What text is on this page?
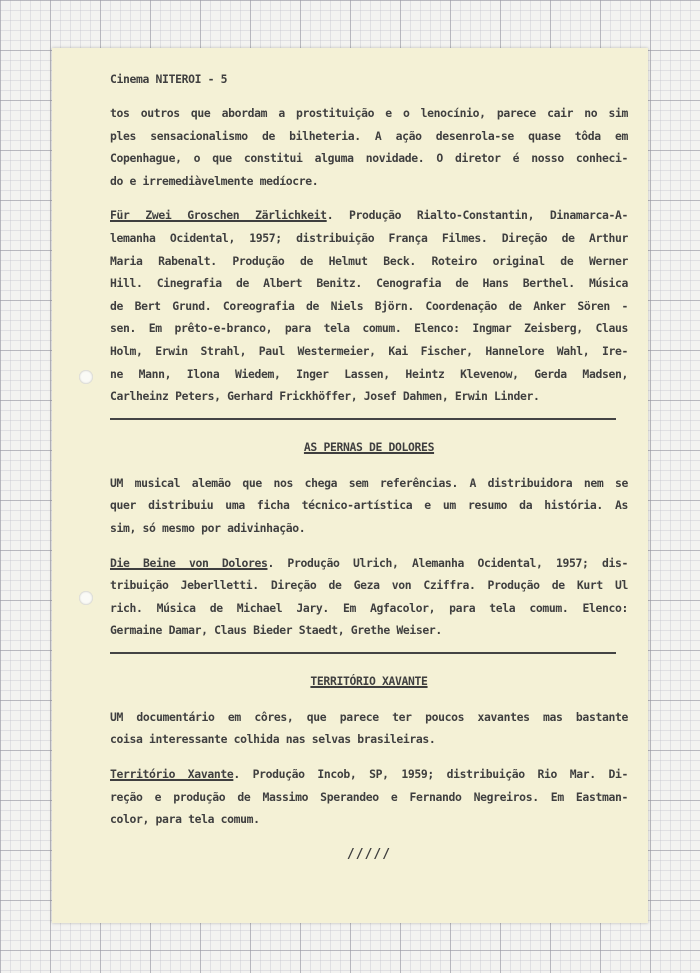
Cinema NITEROI - 5
tos outros que abordam a prostituição e o lenocínio, parece cair no sim
ples sensacionalismo de bilheteria. A ação desenrola-se quase tôda em
Copenhague, o que constitui alguma novidade. O diretor é nosso conheci-
do e irremediàvelmente medíocre.
Für Zwei Groschen Zärlichkeit. Produção Rialto-Constantin, Dinamarca-A-
lemanha Ocidental, 1957; distribuição França Filmes. Direção de Arthur
Maria Rabenalt. Produção de Helmut Beck. Roteiro original de Werner
Hill. Cinegrafia de Albert Benitz. Cenografia de Hans Berthel. Música
de Bert Grund. Coreografia de Niels Björn. Coordenação de Anker Sören -
sen. Em prêto-e-branco, para tela comum. Elenco: Ingmar Zeisberg, Claus
Holm, Erwin Strahl, Paul Westermeier, Kai Fischer, Hannelore Wahl, Ire-
ne Mann, Ilona Wiedem, Inger Lassen, Heintz Klevenow, Gerda Madsen,
Carlheinz Peters, Gerhard Frickhöffer, Josef Dahmen, Erwin Linder.
AS PERNAS DE DOLORES
UM musical alemão que nos chega sem referências. A distribuidora nem se
quer distribuiu uma ficha técnico-artística e um resumo da história. As
sim, só mesmo por adivinhação.
Die Beine von Dolores. Produção Ulrich, Alemanha Ocidental, 1957; dis-
tribuição Jeberlletti. Direção de Geza von Cziffra. Produção de Kurt Ul
rich. Música de Michael Jary. Em Agfacolor, para tela comum. Elenco:
Germaine Damar, Claus Bieder Staedt, Grethe Weiser.
TERRITÓRIO XAVANTE
UM documentário em côres, que parece ter poucos xavantes mas bastante
coisa interessante colhida nas selvas brasileiras.
Território Xavante. Produção Incob, SP, 1959; distribuição Rio Mar. Di-
reção e produção de Massimo Sperandeo e Fernando Negreiros. Em Eastman-
color, para tela comum.
/////
